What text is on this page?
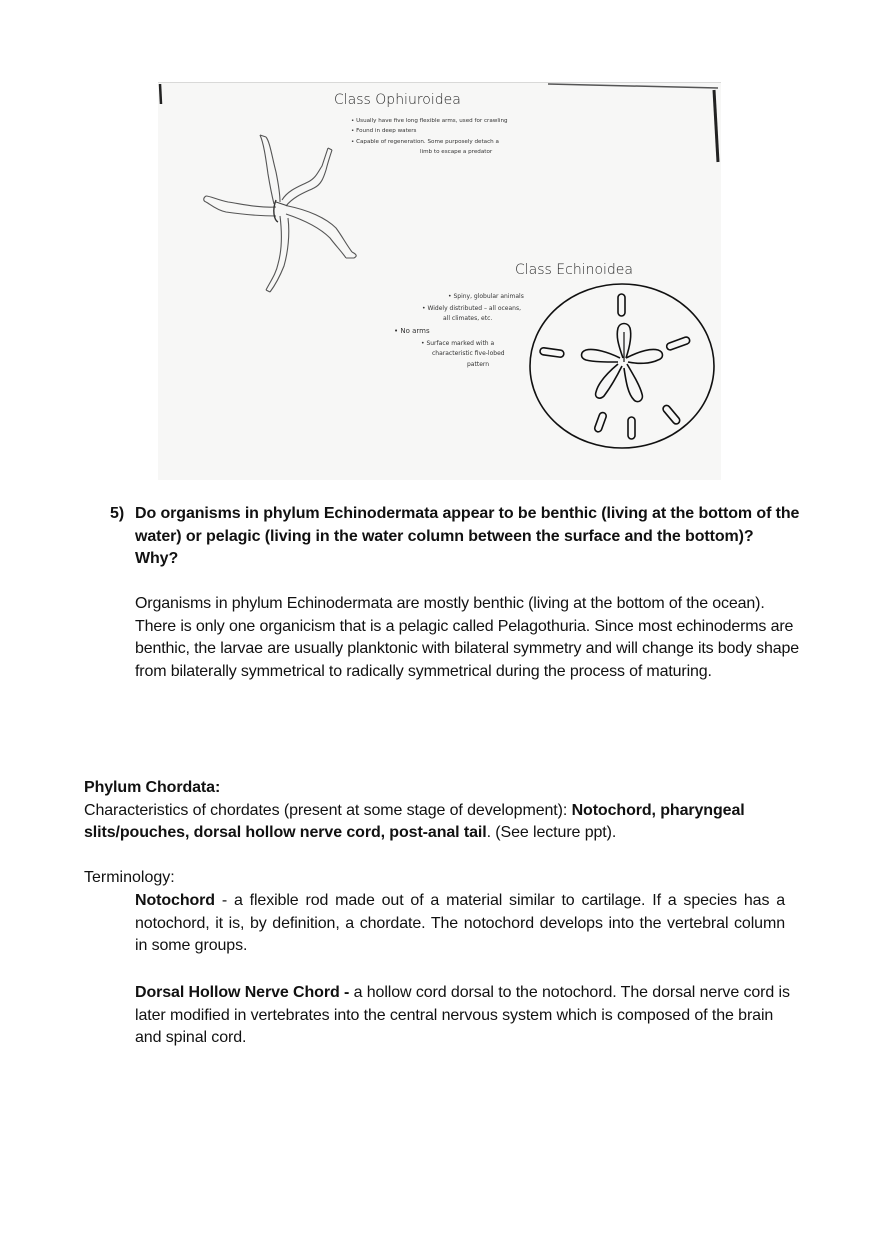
Class Ophiuroidea
• Usually have five long flexible arms, used for crawling
• Found in deep waters
• Capable of regeneration. Some purposely detach a
limb to escape a predator
Class Echinoidea
• Spiny, globular animals
• Widely distributed – all oceans,
all climates, etc.
• No arms
• Surface marked with a
characteristic five-lobed
pattern
5) Do organisms in phylum Echinodermata appear to be benthic (living at the bottom of the water) or pelagic (living in the water column between the surface and the bottom)? Why?
Organisms in phylum Echinodermata are mostly benthic (living at the bottom of the ocean). There is only one organicism that is a pelagic called Pelagothuria. Since most echinoderms are benthic, the larvae are usually planktonic with bilateral symmetry and will change its body shape from bilaterally symmetrical to radically symmetrical during the process of maturing.
Phylum Chordata:
Characteristics of chordates (present at some stage of development): Notochord, pharyngeal slits/pouches, dorsal hollow nerve cord, post-anal tail. (See lecture ppt).
Terminology:
Notochord - a flexible rod made out of a material similar to cartilage. If a species has a notochord, it is, by definition, a chordate. The notochord develops into the vertebral column in some groups.
Dorsal Hollow Nerve Chord - a hollow cord dorsal to the notochord. The dorsal nerve cord is later modified in vertebrates into the central nervous system which is composed of the brain and spinal cord.
